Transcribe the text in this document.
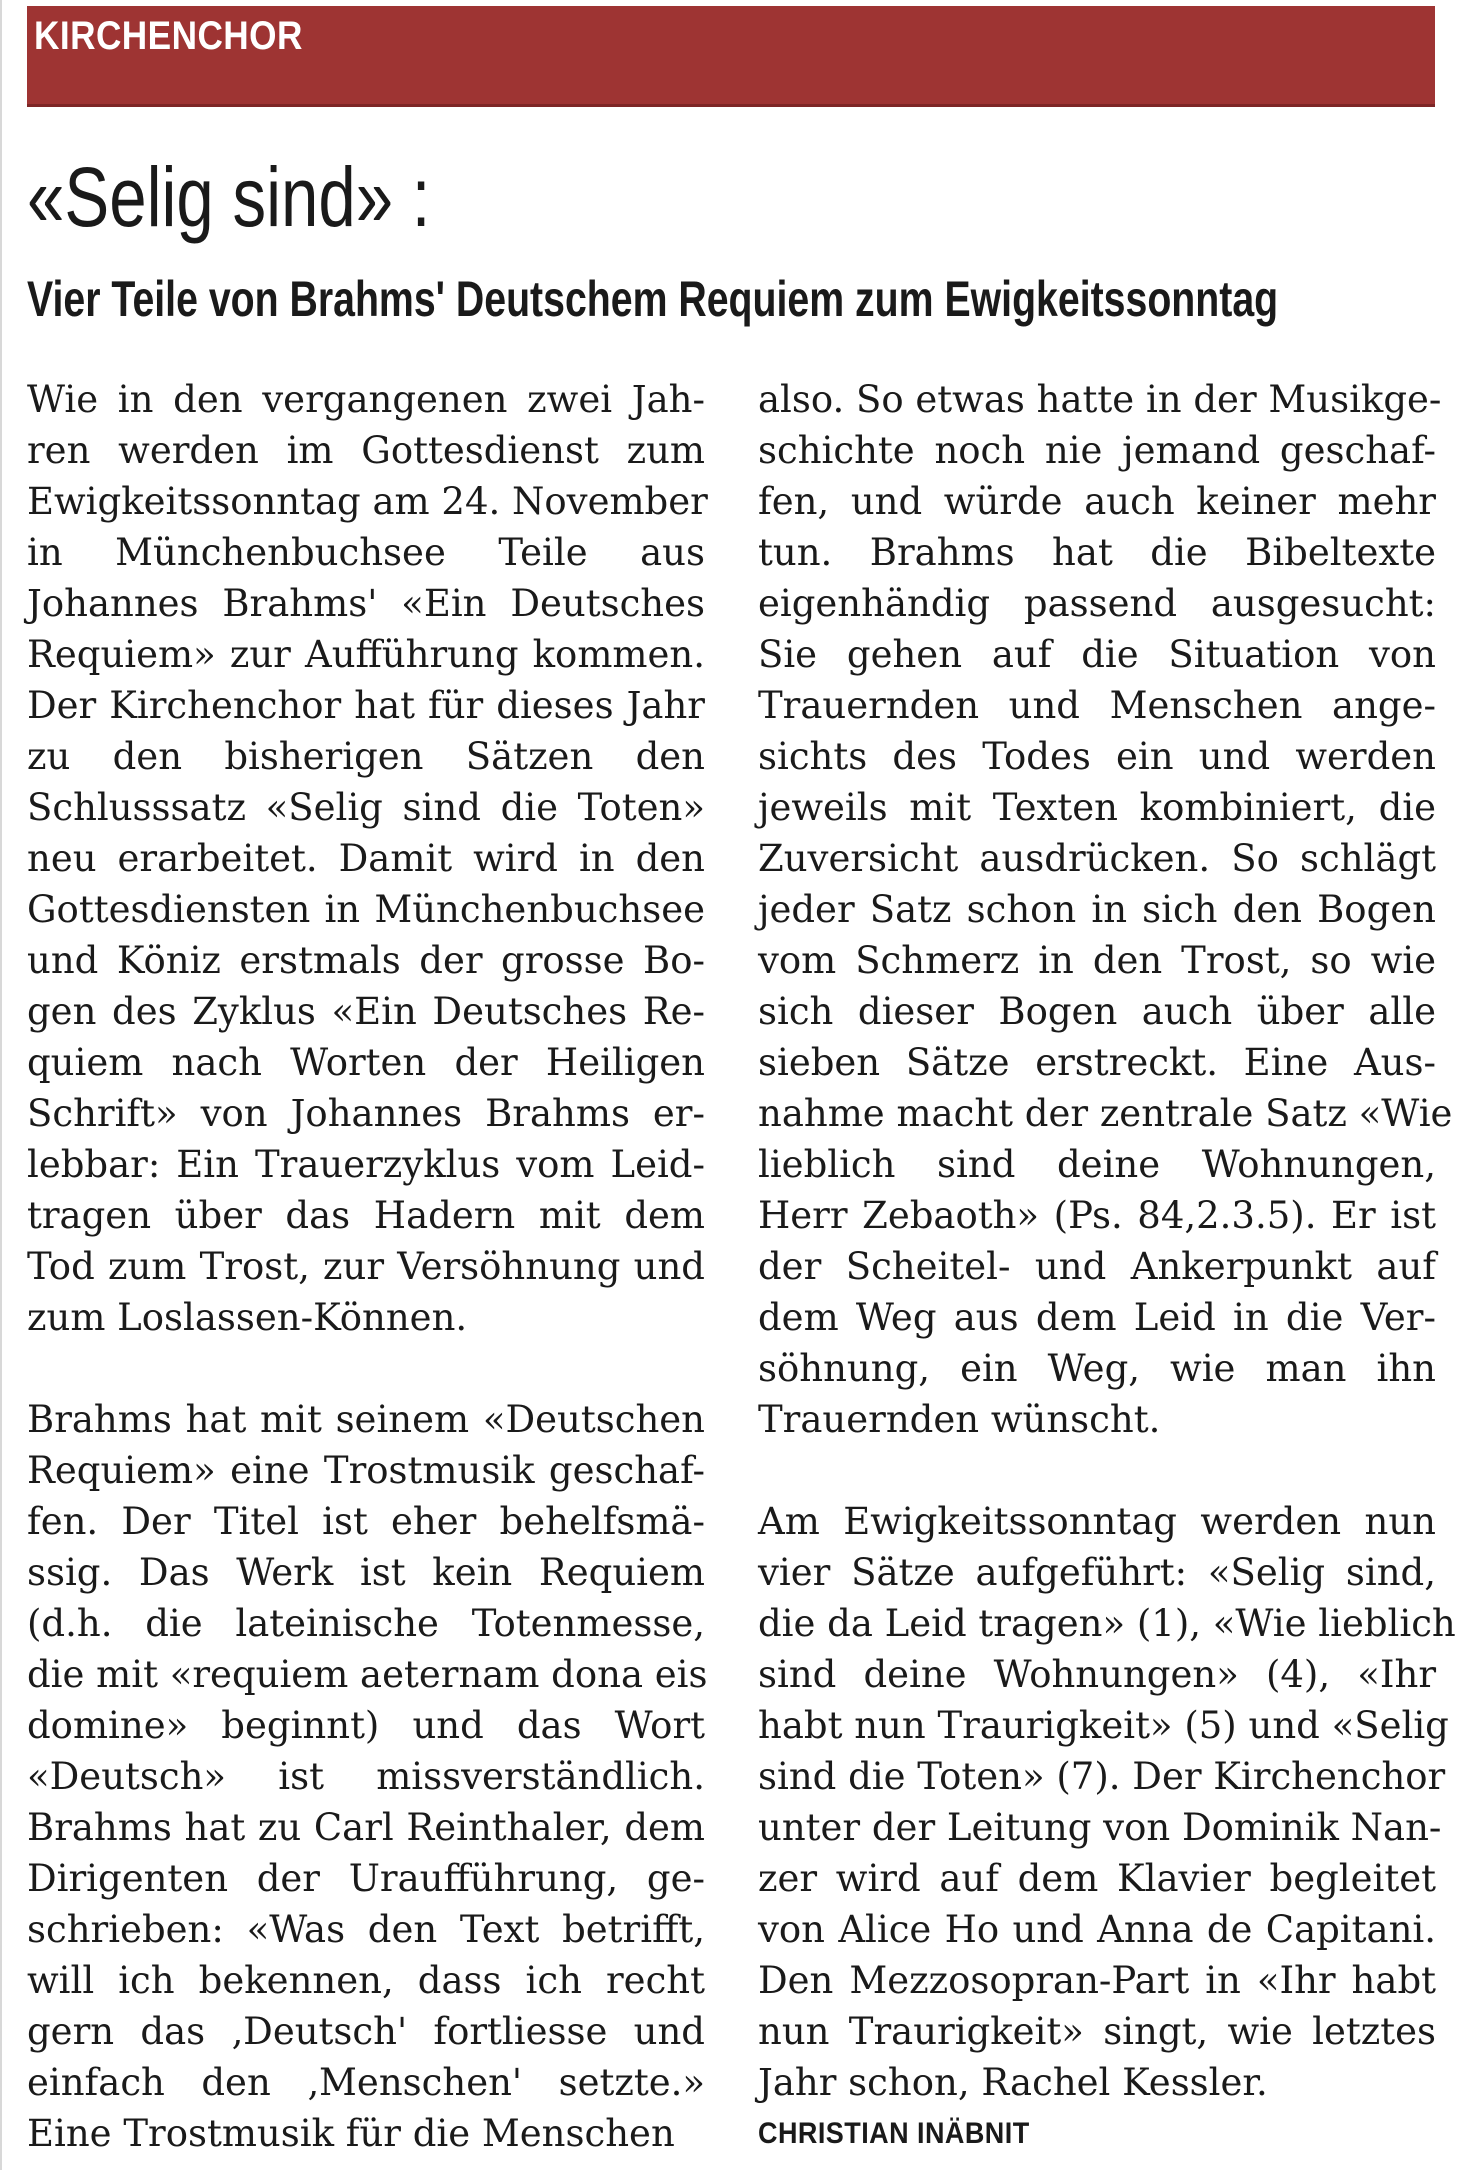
KIRCHENCHOR
«Selig sind» :
Vier Teile von Brahms' Deutschem Requiem zum Ewigkeitssonntag
Wie in den vergangenen zwei Jah-
ren werden im Gottesdienst zum
Ewigkeitssonntag am 24. November
in Münchenbuchsee Teile aus
Johannes Brahms' «Ein Deutsches
Requiem» zur Aufführung kommen.
Der Kirchenchor hat für dieses Jahr
zu den bisherigen Sätzen den
Schlusssatz «Selig sind die Toten»
neu erarbeitet. Damit wird in den
Gottesdiensten in Münchenbuchsee
und Köniz erstmals der grosse Bo-
gen des Zyklus «Ein Deutsches Re-
quiem nach Worten der Heiligen
Schrift» von Johannes Brahms er-
lebbar: Ein Trauerzyklus vom Leid-
tragen über das Hadern mit dem
Tod zum Trost, zur Versöhnung und
zum Loslassen-Können.
Brahms hat mit seinem «Deutschen
Requiem» eine Trostmusik geschaf-
fen. Der Titel ist eher behelfsmä-
ssig. Das Werk ist kein Requiem
(d.h. die lateinische Totenmesse,
die mit «requiem aeternam dona eis
domine» beginnt) und das Wort
«Deutsch» ist missverständlich.
Brahms hat zu Carl Reinthaler, dem
Dirigenten der Uraufführung, ge-
schrieben: «Was den Text betrifft,
will ich bekennen, dass ich recht
gern das ‚Deutsch' fortliesse und
einfach den ‚Menschen' setzte.»
Eine Trostmusik für die Menschen
also. So etwas hatte in der Musikge-
schichte noch nie jemand geschaf-
fen, und würde auch keiner mehr
tun. Brahms hat die Bibeltexte
eigenhändig passend ausgesucht:
Sie gehen auf die Situation von
Trauernden und Menschen ange-
sichts des Todes ein und werden
jeweils mit Texten kombiniert, die
Zuversicht ausdrücken. So schlägt
jeder Satz schon in sich den Bogen
vom Schmerz in den Trost, so wie
sich dieser Bogen auch über alle
sieben Sätze erstreckt. Eine Aus-
nahme macht der zentrale Satz «Wie
lieblich sind deine Wohnungen,
Herr Zebaoth» (Ps. 84,2.3.5). Er ist
der Scheitel- und Ankerpunkt auf
dem Weg aus dem Leid in die Ver-
söhnung, ein Weg, wie man ihn
Trauernden wünscht.
Am Ewigkeitssonntag werden nun
vier Sätze aufgeführt: «Selig sind,
die da Leid tragen» (1), «Wie lieblich
sind deine Wohnungen» (4), «Ihr
habt nun Traurigkeit» (5) und «Selig
sind die Toten» (7). Der Kirchenchor
unter der Leitung von Dominik Nan-
zer wird auf dem Klavier begleitet
von Alice Ho und Anna de Capitani.
Den Mezzosopran-Part in «Ihr habt
nun Traurigkeit» singt, wie letztes
Jahr schon, Rachel Kessler.
CHRISTIAN INÄBNIT
